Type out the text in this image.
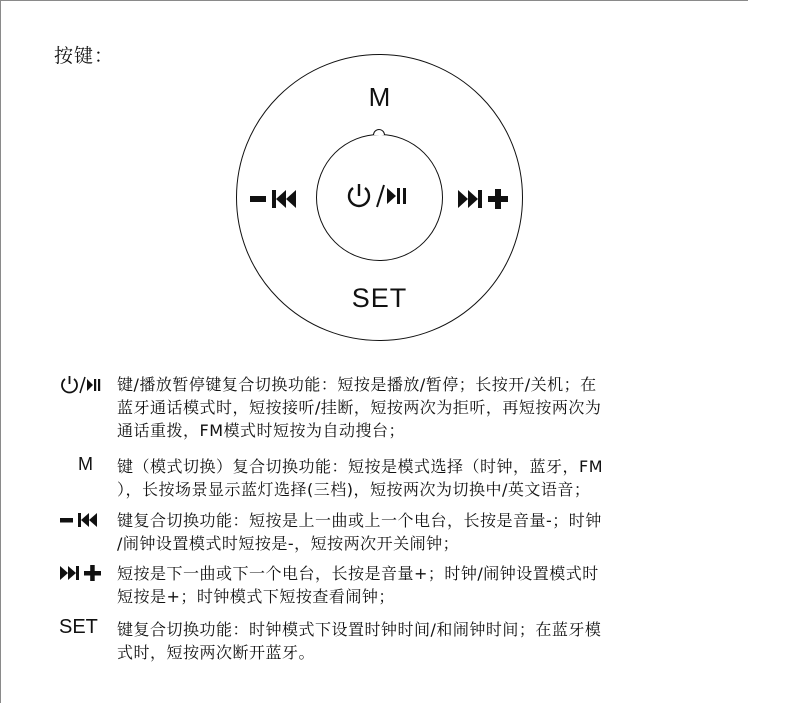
按键：
M
SET
键/播放暂停键复合切换功能：短按是播放/暂停；长按开/关机；在
蓝牙通话模式时，短按接听/挂断，短按两次为拒听，再短按两次为
通话重拨，FM模式时短按为自动搜台；
M 键（模式切换）复合切换功能：短按是模式选择（时钟，蓝牙，FM
），长按场景显示蓝灯选择(三档)，短按两次为切换中/英文语音；
键复合切换功能：短按是上一曲或上一个电台，长按是音量-；时钟
/闹钟设置模式时短按是-，短按两次开关闹钟；
短按是下一曲或下一个电台，长按是音量+；时钟/闹钟设置模式时
短按是+；时钟模式下短按查看闹钟；
SET 键复合切换功能：时钟模式下设置时钟时间/和闹钟时间；在蓝牙模
式时，短按两次断开蓝牙。
